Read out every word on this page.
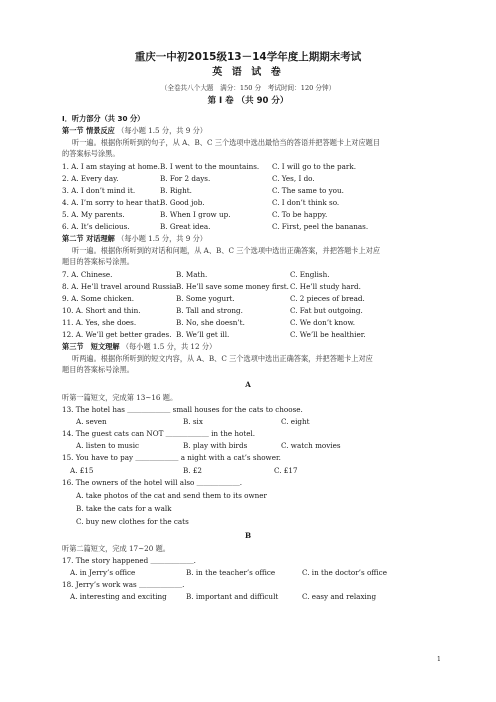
重庆一中初2015级13－14学年度上期期末考试
英 语 试 卷
（全卷共八个大题　满分：150 分　考试时间：120 分钟）
第 Ⅰ 卷 （共 90 分）
I．听力部分（共 30 分）
第一节 情景反应 （每小题 1.5 分，共 9 分）
听一遍。根据你所听到的句子，从 A、B、C 三个选项中选出最恰当的答语并把答题卡上对应题目
的答案标号涂黑。
1. A. I am staying at home. B. I went to the mountains. C. I will go to the park.
2. A. Every day.	B. For 2 days.	C. Yes, I do.
3. A. I don’t mind it.	B. Right.	C. The same to you.
4. A. I’m sorry to hear that.
B. Good job.	C. I don’t think so.
5. A. My parents.	B. When I grow up.	C. To be happy.
6. A. It’s delicious.	B. Great idea.	C. First, peel the bananas.
第二节 对话理解 （每小题 1.5 分，共 9 分）
听一遍。根据你所听到的对话和问题，从 A、B、C 三个选项中选出正确答案，并把答题卡上对应
题目的答案标号涂黑。
7. A. Chinese.	B. Math.	C. English.
8. A. He’ll travel around Russia.
B. He’ll save some money first. C. He’ll study hard.
9. A. Some chicken.	B. Some yogurt.	C. 2 pieces of bread.
10. A. Short and thin.	B. Tall and strong.	C. Fat but outgoing.
11. A. Yes, she does.	B. No, she doesn’t.	C. We don’t know.
12. A. We’ll get better grades. B. We’ll get ill.	C. We’ll be healthier.
第三节　短文理解 （每小题 1.5 分，共 12 分）
听两遍。根据你所听到的短文内容，从 A、B、C 三个选项中选出正确答案，并把答题卡上对应
题目的答案标号涂黑。
A
听第一篇短文，完成第 13~16 题。
13. The hotel has ＿＿＿＿＿＿ small houses for the cats to choose.
A. seven	B. six	C. eight
14. The guest cats can NOT ＿＿＿＿＿＿ in the hotel.
A. listen to music	B. play with birds	C. watch movies
15. You have to pay ＿＿＿＿＿＿ a night with a cat’s shower.
A. £15	B. £2	C. £17
16. The owners of the hotel will also ＿＿＿＿＿＿.
A. take photos of the cat and send them to its owner
B. take the cats for a walk
C. buy new clothes for the cats
B
听第二篇短文，完成 17~20 题。
17. The story happened ＿＿＿＿＿＿.
A. in Jerry’s office	B. in the teacher’s office	C. in the doctor’s office
18. Jerry’s work was ＿＿＿＿＿＿.
A. interesting and exciting	B. important and difficult	C. easy and relaxing
1
